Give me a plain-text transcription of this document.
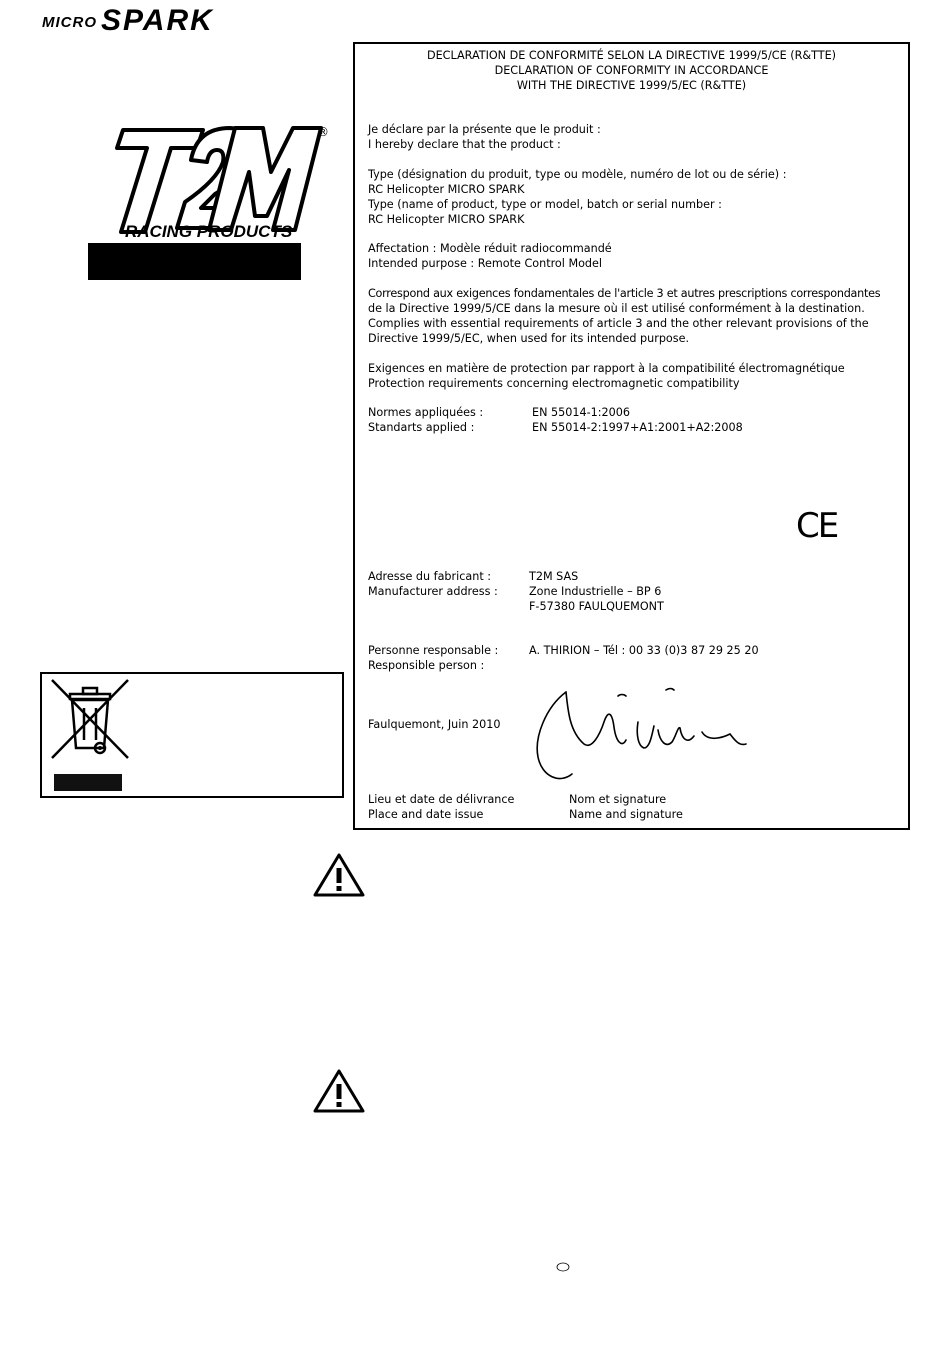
MICRO SPARK
®
RACING PRODUCTS
DECLARATION DE CONFORMITÉ SELON LA DIRECTIVE 1999/5/CE (R&TTE)
DECLARATION OF CONFORMITY IN ACCORDANCE
WITH THE DIRECTIVE 1999/5/EC (R&TTE)
Je déclare par la présente que le produit :
I hereby declare that the product :
Type (désignation du produit, type ou modèle, numéro de lot ou de série) :
RC Helicopter MICRO SPARK
Type (name of product, type or model, batch or serial number :
RC Helicopter MICRO SPARK
Affectation : Modèle réduit radiocommandé
Intended purpose : Remote Control Model
Correspond aux exigences fondamentales de l'article 3 et autres prescriptions correspondantes
de la Directive 1999/5/CE dans la mesure où il est utilisé conformément à la destination.
Complies with essential requirements of article 3 and the other relevant provisions of the
Directive 1999/5/EC, when used for its intended purpose.
Exigences en matière de protection par rapport à la compatibilité électromagnétique
Protection requirements concerning electromagnetic compatibility
Normes appliquées :	EN 55014-1:2006
Standarts applied :	EN 55014-2:1997+A1:2001+A2:2008
CE
Adresse du fabricant :	T2M SAS
Manufacturer address :	Zone Industrielle – BP 6
F-57380 FAULQUEMONT
Personne responsable :	A. THIRION – Tél : 00 33 (0)3 87 29 25 20
Responsible person :
Faulquemont, Juin 2010
Lieu et date de délivrance	Nom et signature
Place and date issue	Name and signature
